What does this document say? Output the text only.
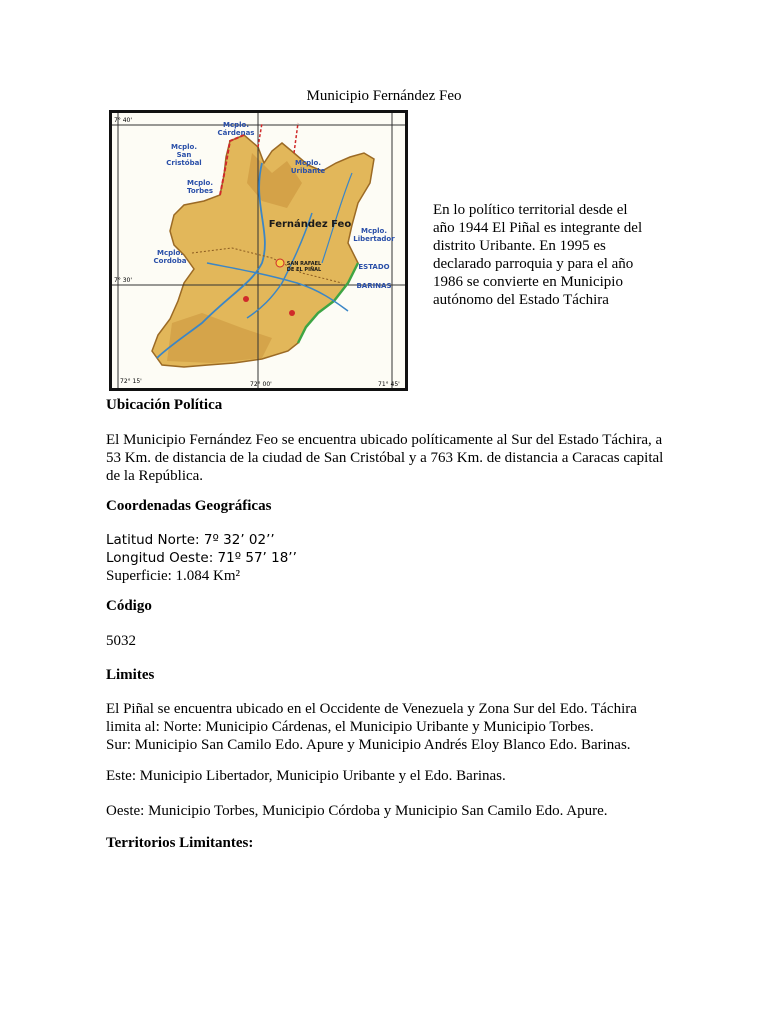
Municipio Fernández Feo
7° 40'
7° 30'
72° 15'	72° 00'	71° 45'
Mcplo.
Cárdenas
Mcplo.
San
Cristóbal
Mcplo.
Torbes
Mcplo.
Uribante
Mcplo.
Libertador
Mcplo.
Cordoba
ESTADO
BARINAS
Fernández Feo
SAN RAFAEL
DE EL PIÑAL
En lo político territorial desde el año 1944 El Piñal es integrante del distrito Uribante. En 1995 es declarado parroquia y para el año 1986 se convierte en Municipio autónomo del Estado Táchira
Ubicación Política
El Municipio Fernández Feo se encuentra ubicado políticamente al Sur del Estado Táchira, a 53 Km. de distancia de la ciudad de San Cristóbal y a 763 Km. de distancia a Caracas capital de la República.
Coordenadas Geográficas
Latitud Norte: 7º 32’ 02’’
Longitud Oeste: 71º 57’ 18’’
Superficie: 1.084 Km²
Código
5032
Limites
El Piñal se encuentra ubicado en el Occidente de Venezuela y Zona Sur del Edo. Táchira limita al: Norte: Municipio Cárdenas, el Municipio Uribante y Municipio Torbes.
Sur: Municipio San Camilo Edo. Apure y Municipio Andrés Eloy Blanco Edo. Barinas.
Este: Municipio Libertador, Municipio Uribante y el Edo. Barinas.
Oeste: Municipio Torbes, Municipio Córdoba y Municipio San Camilo Edo. Apure.
Territorios Limitantes:
